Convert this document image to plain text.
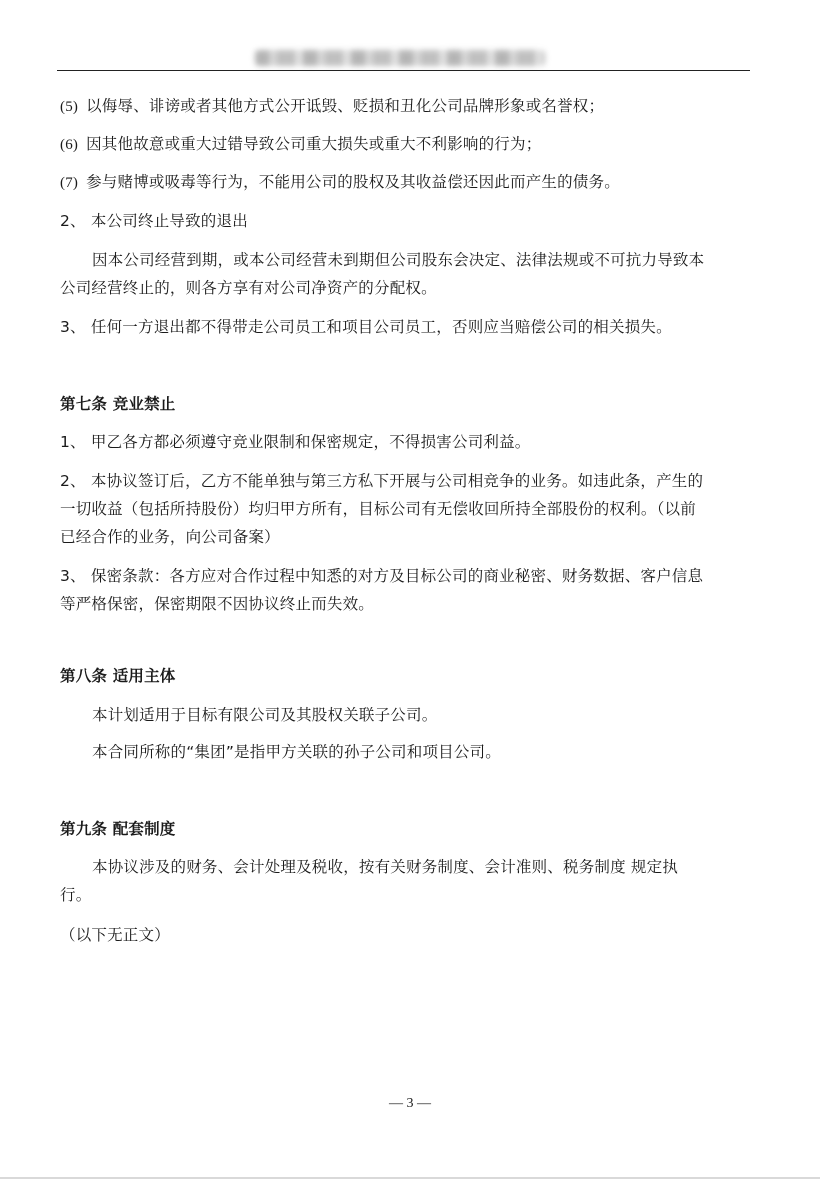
(5) 以侮辱、诽谤或者其他方式公开诋毁、贬损和丑化公司品牌形象或名誉权；
(6) 因其他故意或重大过错导致公司重大损失或重大不利影响的行为；
(7) 参与赌博或吸毒等行为，不能用公司的股权及其收益偿还因此而产生的债务。
2、 本公司终止导致的退出
因本公司经营到期，或本公司经营未到期但公司股东会决定、法律法规或不可抗力导致本
公司经营终止的，则各方享有对公司净资产的分配权。
3、 任何一方退出都不得带走公司员工和项目公司员工，否则应当赔偿公司的相关损失。
第七条 竞业禁止
1、 甲乙各方都必须遵守竞业限制和保密规定，不得损害公司利益。
2、 本协议签订后，乙方不能单独与第三方私下开展与公司相竞争的业务。如违此条，产生的
一切收益（包括所持股份）均归甲方所有，目标公司有无偿收回所持全部股份的权利。（以前
已经合作的业务，向公司备案）
3、 保密条款：各方应对合作过程中知悉的对方及目标公司的商业秘密、财务数据、客户信息
等严格保密，保密期限不因协议终止而失效。
第八条 适用主体
本计划适用于目标有限公司及其股权关联子公司。
本合同所称的“集团”是指甲方关联的孙子公司和项目公司。
第九条 配套制度
本协议涉及的财务、会计处理及税收，按有关财务制度、会计准则、税务制度 规定执
行。
（以下无正文）
— 3 —
